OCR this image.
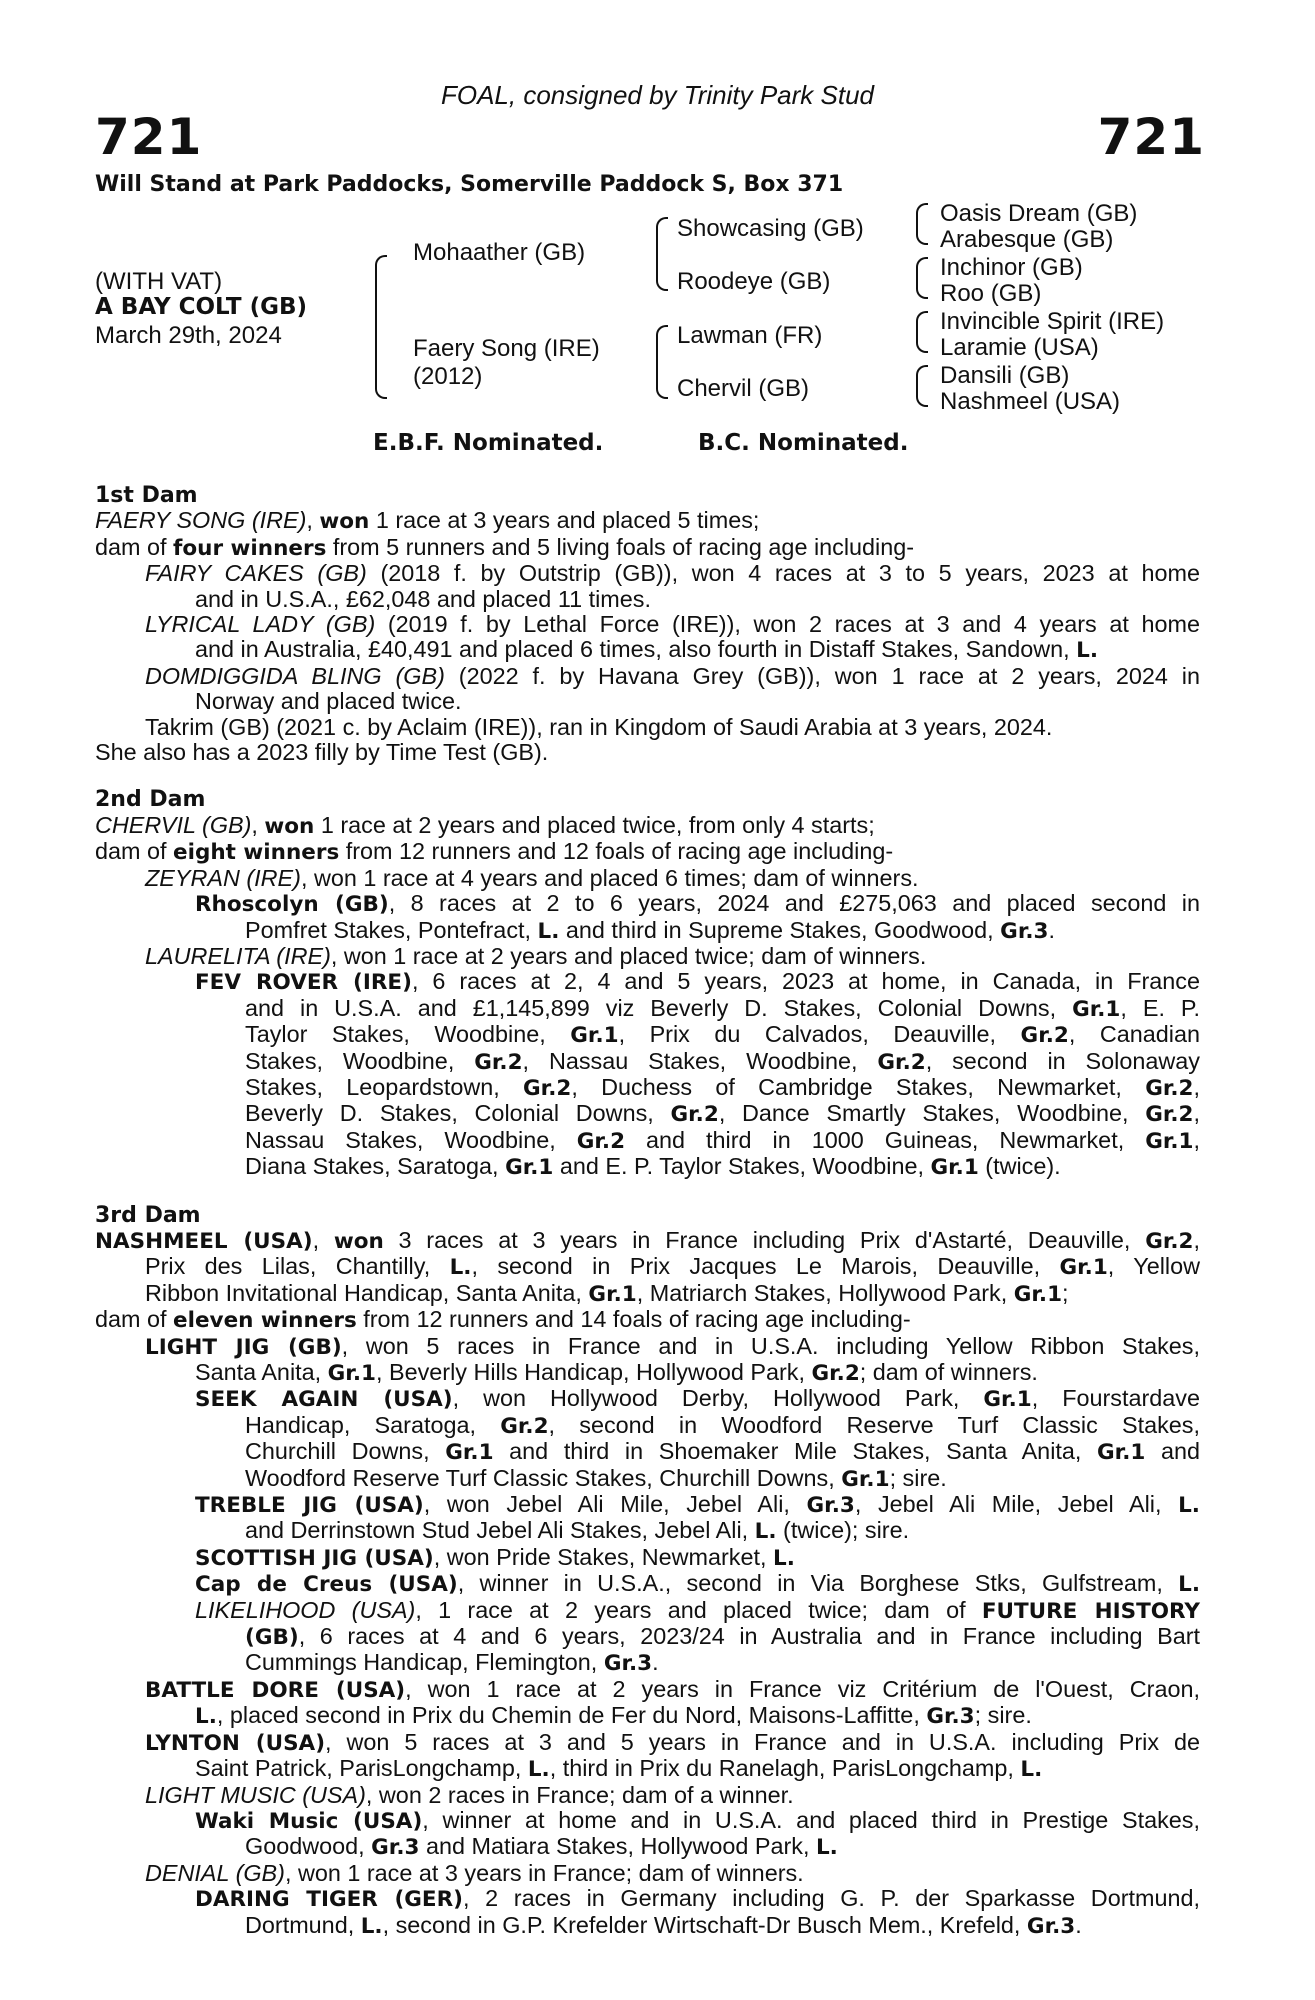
FOAL, consigned by Trinity Park Stud
721	721
Will Stand at Park Paddocks, Somerville Paddock S, Box 371
(WITH VAT)
A BAY COLT (GB)
March 29th, 2024
Mohaather (GB)
Faery Song (IRE)
(2012)
Showcasing (GB)
Roodeye (GB)
Lawman (FR)
Chervil (GB)
Oasis Dream (GB)
Arabesque (GB)
Inchinor (GB)
Roo (GB)
Invincible Spirit (IRE)
Laramie (USA)
Dansili (GB)
Nashmeel (USA)
E.B.F. Nominated.	B.C. Nominated.
1st Dam
FAERY SONG (IRE), won 1 race at 3 years and placed 5 times;
dam of four winners from 5 runners and 5 living foals of racing age including-
FAIRY CAKES (GB) (2018 f. by Outstrip (GB)), won 4 races at 3 to 5 years, 2023 at home
and in U.S.A., £62,048 and placed 11 times.
LYRICAL LADY (GB) (2019 f. by Lethal Force (IRE)), won 2 races at 3 and 4 years at home
and in Australia, £40,491 and placed 6 times, also fourth in Distaff Stakes, Sandown, L.
DOMDIGGIDA BLING (GB) (2022 f. by Havana Grey (GB)), won 1 race at 2 years, 2024 in
Norway and placed twice.
Takrim (GB) (2021 c. by Aclaim (IRE)), ran in Kingdom of Saudi Arabia at 3 years, 2024.
She also has a 2023 filly by Time Test (GB).
2nd Dam
CHERVIL (GB), won 1 race at 2 years and placed twice, from only 4 starts;
dam of eight winners from 12 runners and 12 foals of racing age including-
ZEYRAN (IRE), won 1 race at 4 years and placed 6 times; dam of winners.
Rhoscolyn (GB), 8 races at 2 to 6 years, 2024 and £275,063 and placed second in
Pomfret Stakes, Pontefract, L. and third in Supreme Stakes, Goodwood, Gr.3.
LAURELITA (IRE), won 1 race at 2 years and placed twice; dam of winners.
FEV ROVER (IRE), 6 races at 2, 4 and 5 years, 2023 at home, in Canada, in France
and in U.S.A. and £1,145,899 viz Beverly D. Stakes, Colonial Downs, Gr.1, E. P.
Taylor Stakes, Woodbine, Gr.1, Prix du Calvados, Deauville, Gr.2, Canadian
Stakes, Woodbine, Gr.2, Nassau Stakes, Woodbine, Gr.2, second in Solonaway
Stakes, Leopardstown, Gr.2, Duchess of Cambridge Stakes, Newmarket, Gr.2,
Beverly D. Stakes, Colonial Downs, Gr.2, Dance Smartly Stakes, Woodbine, Gr.2,
Nassau Stakes, Woodbine, Gr.2 and third in 1000 Guineas, Newmarket, Gr.1,
Diana Stakes, Saratoga, Gr.1 and E. P. Taylor Stakes, Woodbine, Gr.1 (twice).
3rd Dam
NASHMEEL (USA), won 3 races at 3 years in France including Prix d'Astarté, Deauville, Gr.2,
Prix des Lilas, Chantilly, L., second in Prix Jacques Le Marois, Deauville, Gr.1, Yellow
Ribbon Invitational Handicap, Santa Anita, Gr.1, Matriarch Stakes, Hollywood Park, Gr.1;
dam of eleven winners from 12 runners and 14 foals of racing age including-
LIGHT JIG (GB), won 5 races in France and in U.S.A. including Yellow Ribbon Stakes,
Santa Anita, Gr.1, Beverly Hills Handicap, Hollywood Park, Gr.2; dam of winners.
SEEK AGAIN (USA), won Hollywood Derby, Hollywood Park, Gr.1, Fourstardave
Handicap, Saratoga, Gr.2, second in Woodford Reserve Turf Classic Stakes,
Churchill Downs, Gr.1 and third in Shoemaker Mile Stakes, Santa Anita, Gr.1 and
Woodford Reserve Turf Classic Stakes, Churchill Downs, Gr.1; sire.
TREBLE JIG (USA), won Jebel Ali Mile, Jebel Ali, Gr.3, Jebel Ali Mile, Jebel Ali, L.
and Derrinstown Stud Jebel Ali Stakes, Jebel Ali, L. (twice); sire.
SCOTTISH JIG (USA), won Pride Stakes, Newmarket, L.
Cap de Creus (USA), winner in U.S.A., second in Via Borghese Stks, Gulfstream, L.
LIKELIHOOD (USA), 1 race at 2 years and placed twice; dam of FUTURE HISTORY
(GB), 6 races at 4 and 6 years, 2023/24 in Australia and in France including Bart
Cummings Handicap, Flemington, Gr.3.
BATTLE DORE (USA), won 1 race at 2 years in France viz Critérium de l'Ouest, Craon,
L., placed second in Prix du Chemin de Fer du Nord, Maisons-Laffitte, Gr.3; sire.
LYNTON (USA), won 5 races at 3 and 5 years in France and in U.S.A. including Prix de
Saint Patrick, ParisLongchamp, L., third in Prix du Ranelagh, ParisLongchamp, L.
LIGHT MUSIC (USA), won 2 races in France; dam of a winner.
Waki Music (USA), winner at home and in U.S.A. and placed third in Prestige Stakes,
Goodwood, Gr.3 and Matiara Stakes, Hollywood Park, L.
DENIAL (GB), won 1 race at 3 years in France; dam of winners.
DARING TIGER (GER), 2 races in Germany including G. P. der Sparkasse Dortmund,
Dortmund, L., second in G.P. Krefelder Wirtschaft-Dr Busch Mem., Krefeld, Gr.3.
